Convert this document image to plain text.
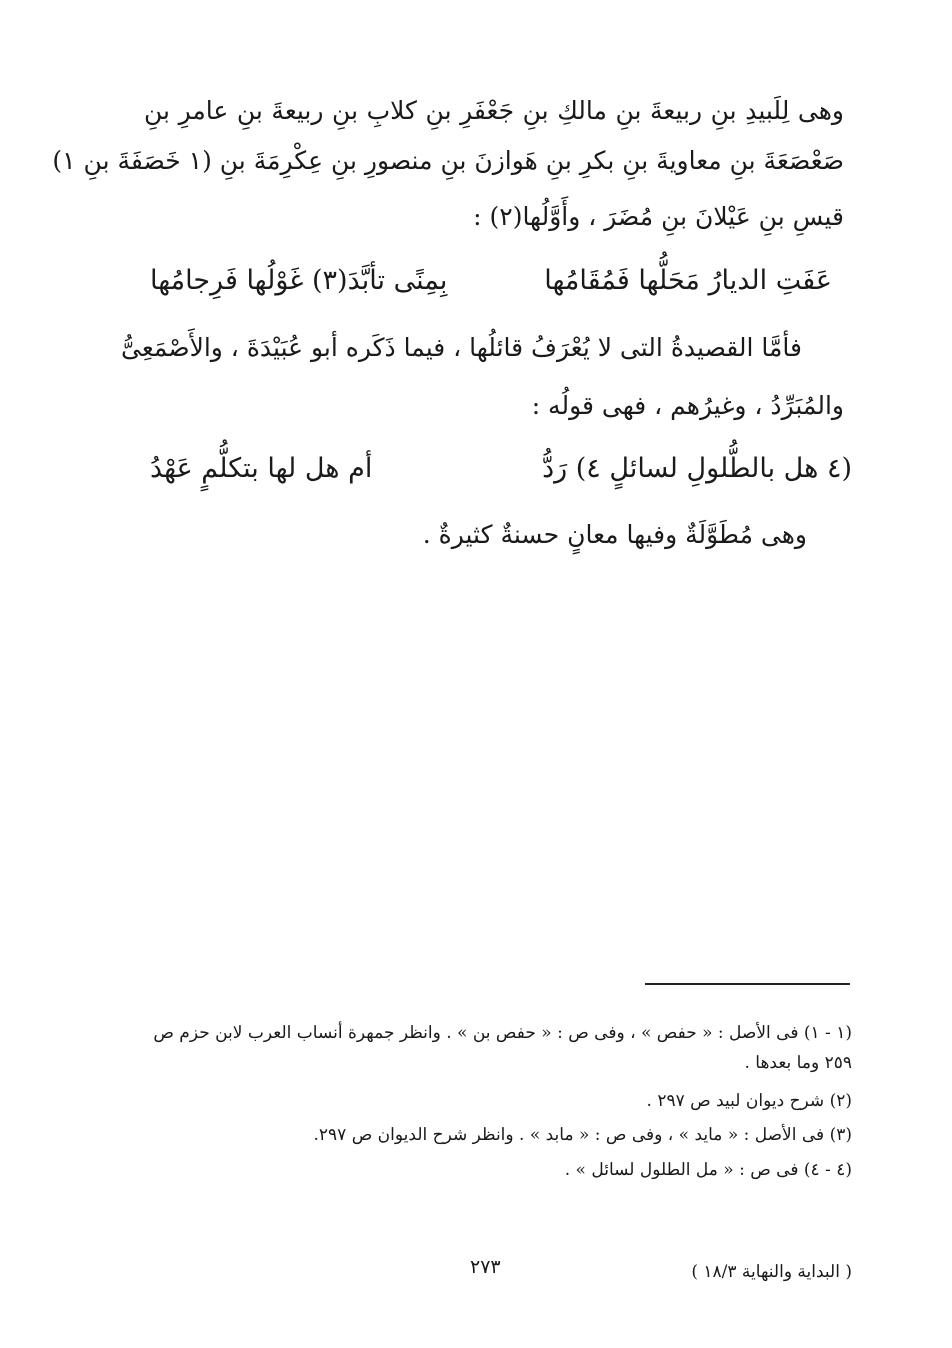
وهى لِلَبيدِ بنِ ربيعةَ بنِ مالكِ بنِ جَعْفَرِ بنِ كلابِ بنِ ربيعةَ بنِ عامرِ بنِ
صَعْصَعَةَ بنِ معاويةَ بنِ بكرِ بنِ هَوازنَ بنِ منصورِ بنِ عِكْرِمَةَ بنِ (١ خَصَفَةَ بنِ ١)
قيسِ بنِ عَيْلانَ بنِ مُضَرَ ، وأَوَّلُها(٢) :
عَفَتِ الديارُ مَحَلُّها فَمُقَامُها
بِمِنًى تأبَّدَ(٣) غَوْلُها فَرِجامُها
فأمَّا القصيدةُ التى لا يُعْرَفُ قائلُها ، فيما ذَكَره أبو عُبَيْدَةَ ، والأَصْمَعِىُّ
والمُبَرِّدُ ، وغيرُهم ، فهى قولُه :
(٤ هل بالطُّلولِ لسائلٍ ٤) رَدُّ
أم هل لها بتكلُّمٍ عَهْدُ
وهى مُطَوَّلَةٌ وفيها معانٍ حسنةٌ كثيرةٌ .
(١ - ١) فى الأصل : « حفص » ، وفى ص : « حفص بن » . وانظر جمهرة أنساب العرب لابن حزم ص
٢٥٩ وما بعدها .
(٢) شرح ديوان لبيد ص ٢٩٧ .
(٣) فى الأصل : « مايد » ، وفى ص : « مابد » . وانظر شرح الديوان ص ٢٩٧.
(٤ - ٤) فى ص : « مل الطلول لسائل » .
( البداية والنهاية ١٨/٣ )
٢٧٣
